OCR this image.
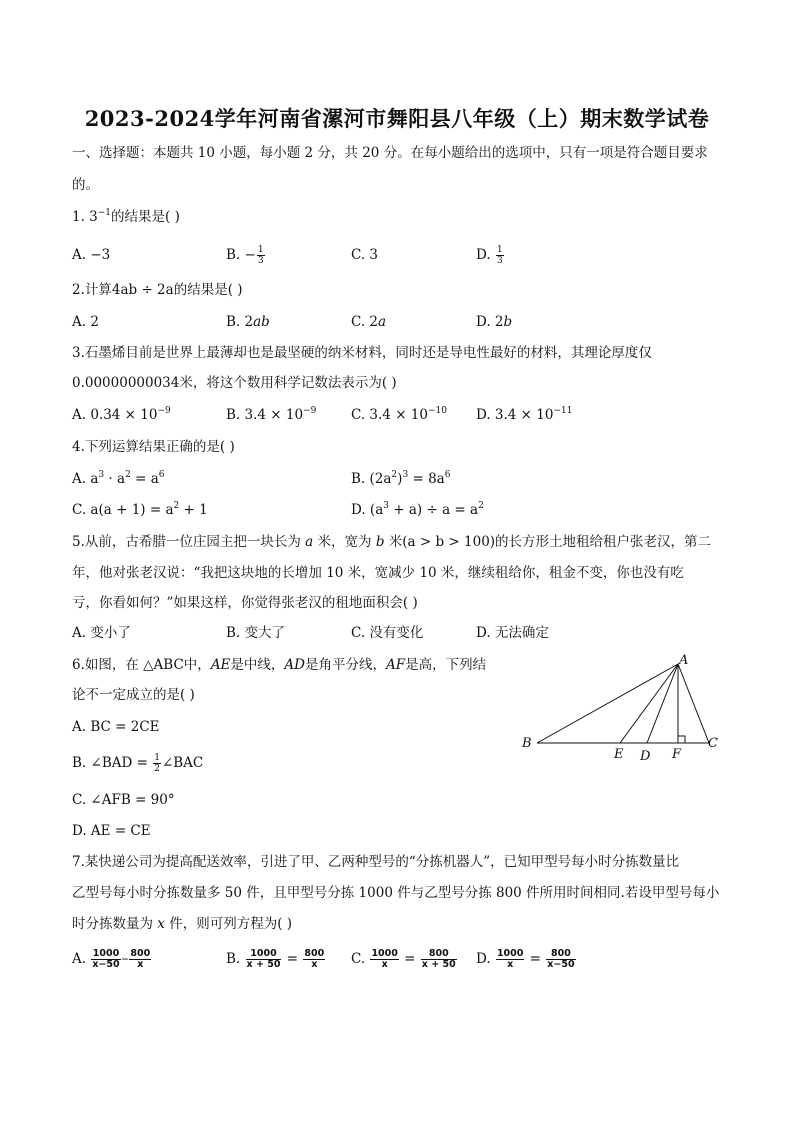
2023-2024学年河南省漯河市舞阳县八年级（上）期末数学试卷
一、选择题：本题共 10 小题，每小题 2 分，共 20 分。在每小题给出的选项中，只有一项是符合题目要求
的。
1. $3^{-1}$的结果是( )
A. −3	B. − $\frac{1}{3}$	C. 3	D. $\frac{1}{3}$
2.计算4ab ÷ 2a的结果是( )
A. 2	B. 2ab	C. 2a	D. 2b
3.石墨烯目前是世界上最薄却也是最坚硬的纳米材料，同时还是导电性最好的材料，其理论厚度仅
0.00000000034米，将这个数用科学记数法表示为( )
A. $0.34 \times 10^{-9}$	B. $3.4 \times 10^{-9}$	C. $3.4 \times 10^{-10}$ D. $3.4 \times 10^{-11}$
4.下列运算结果正确的是( )
A. $a^3 \cdot a^2 = a^6$	B. $(2a^2)^3 = 8a^6$
C. $a(a + 1) = a^2 + 1$	D. $(a^3 + a) \div a = a^2$
5.从前，古希腊一位庄园主把一块长为 a 米，宽为 b 米(a > b > 100)的长方形土地租给租户张老汉，第二
年，他对张老汉说：“我把这块地的长增加 10 米，宽减少 10 米，继续租给你，租金不变，你也没有吃
亏，你看如何？”如果这样，你觉得张老汉的租地面积会( )
A. 变小了	B. 变大了	C. 没有变化	D. 无法确定
6.如图，在 △ABC中，AE是中线，AD是角平分线，AF是高，下列结
论不一定成立的是( )
A. BC = 2CE
B. ∠BAD = $\frac{1}{2}$ ∠BAC
C. ∠AFB = 90°
D. AE = CE
A
B	C
D
E	F
7.某快递公司为提高配送效率，引进了甲、乙两种型号的“分拣机器人”，已知甲型号每小时分拣数量比
乙型号每小时分拣数量多 50 件，且甲型号分拣 1000 件与乙型号分拣 800 件所用时间相同.若设甲型号每小
时分拣数量为 x 件，则可列方程为( )
A. $\frac{1000}{x-50} - \frac{800}{x}$	B. $\frac{1000}{x + 50} = \frac{800}{x} C$. $\frac{1000}{x} = \frac{800}{x + 50} D$. $\frac{1000}{x} = \frac{800}{x-50}$
